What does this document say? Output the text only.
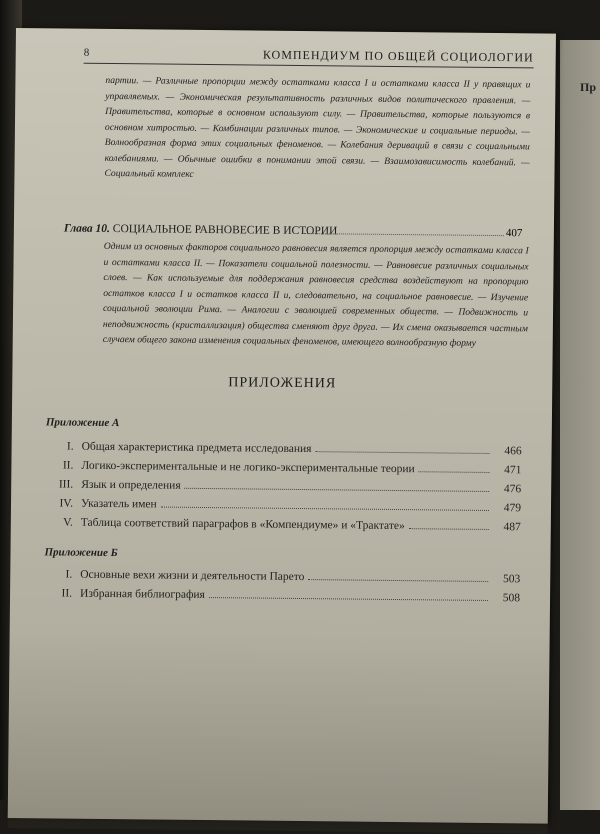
Пр
8	КОМПЕНДИУМ ПО ОБЩЕЙ СОЦИОЛОГИИ
партии. — Различные пропорции между остатками класса I и остатками класса II у правящих и управляемых. — Экономическая результативность различных видов политического правления. — Правительства, которые в основном используют силу. — Правительства, которые пользуются в основном хитростью. — Комбинации различных типов. — Экономические и социальные периоды. — Волнообразная форма этих социальных феноменов. — Колебания дериваций в связи с социальными колебаниями. — Обычные ошибки в понимании этой связи. — Взаимозависимость колебаний. — Социальный комплекс
Глава 10. СОЦИАЛЬНОЕ РАВНОВЕСИЕ В ИСТОРИИ	407
Одним из основных факторов социального равновесия является пропорция между остатками класса I и остатками класса II. — Показатели социальной полезности. — Равновесие различных социальных слоев. — Как используемые для поддержания равновесия средства воздействуют на пропорцию остатков класса I и остатков класса II и, следовательно, на социальное равновесие. — Изучение социальной эволюции Рима. — Аналогии с эволюцией современных обществ. — Подвижность и неподвижность (кристаллизация) общества сменяют друг друга. — Их смена оказывается частным случаем общего закона изменения социальных феноменов, имеющего волнообразную форму
ПРИЛОЖЕНИЯ
Приложение А
I. Общая характеристика предмета исследования	466
II. Логико-экспериментальные и не логико-экспериментальные теории	471
III. Язык и определения	476
IV. Указатель имен	479
V. Таблица соответствий параграфов в «Компендиуме» и «Трактате»	487
Приложение Б
I. Основные вехи жизни и деятельности Парето	503
II. Избранная библиография	508
